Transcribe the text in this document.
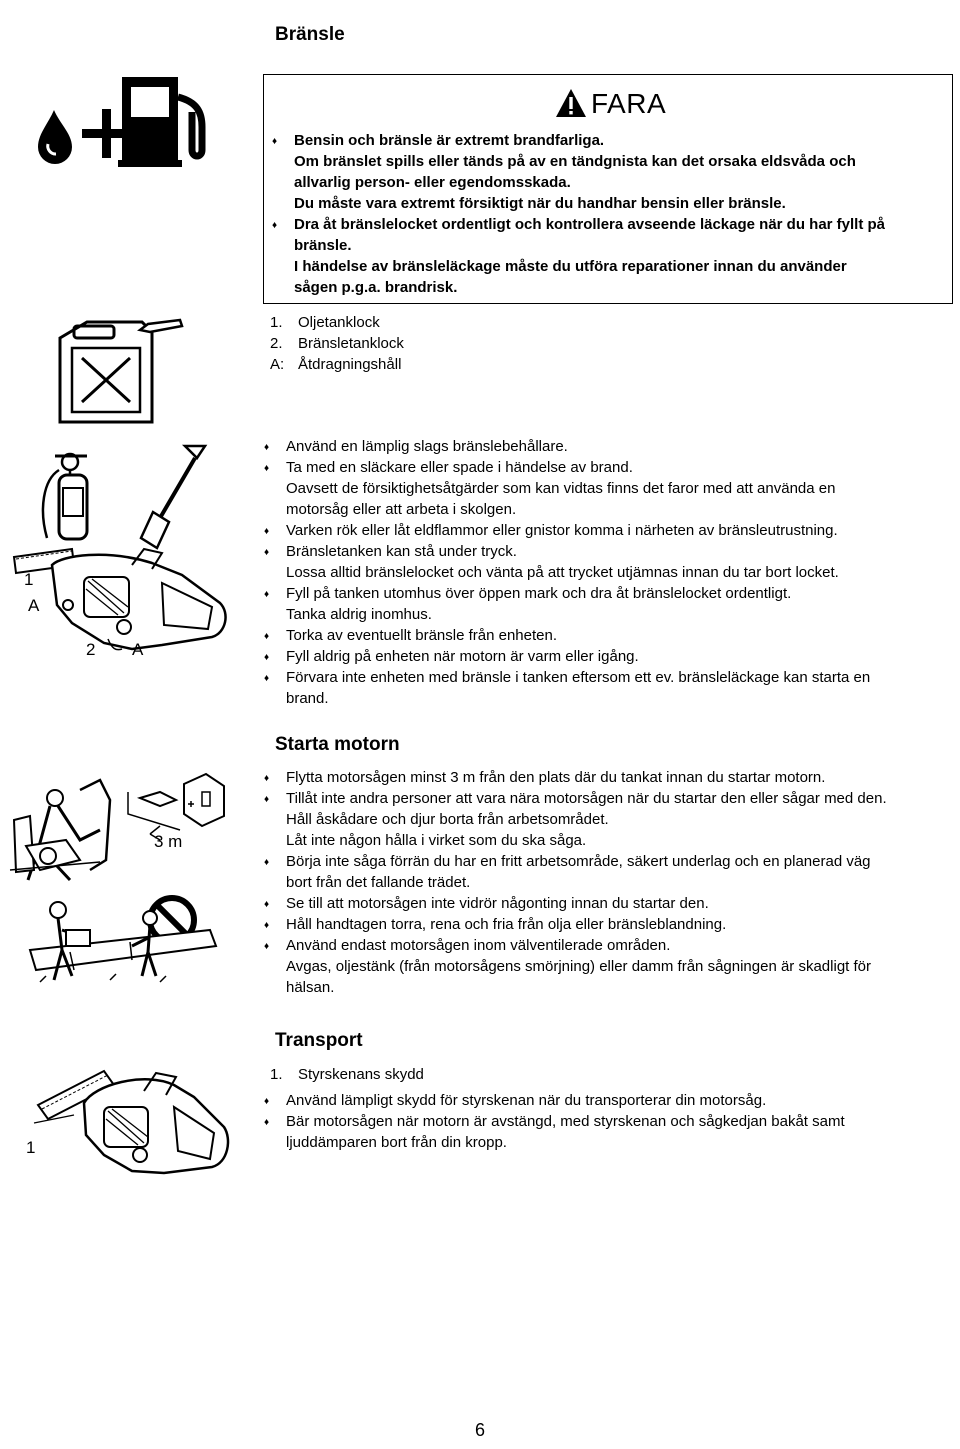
Bränsle
FARA
♦ Bensin och bränsle är extremt brandfarliga.
Om bränslet spills eller tänds på av en tändgnista kan det orsaka eldsvåda och
allvarlig person- eller egendomsskada.
Du måste vara extremt försiktigt när du handhar bensin eller bränsle.
♦ Dra åt bränslelocket ordentligt och kontrollera avseende läckage när du har fyllt på
bränsle.
I händelse av bränsleläckage måste du utföra reparationer innan du använder
sågen p.g.a. brandrisk.
1. Oljetanklock
2. Bränsletanklock
A: Åtdragningshåll
1
A
2 A
♦ Använd en lämplig slags bränslebehållare.
♦ Ta med en släckare eller spade i händelse av brand.
Oavsett de försiktighetsåtgärder som kan vidtas finns det faror med att använda en
motorsåg eller att arbeta i skolgen.
♦ Varken rök eller låt eldflammor eller gnistor komma i närheten av bränsleutrustning.
♦ Bränsletanken kan stå under tryck.
Lossa alltid bränslelocket och vänta på att trycket utjämnas innan du tar bort locket.
♦ Fyll på tanken utomhus över öppen mark och dra åt bränslelocket ordentligt.
Tanka aldrig inomhus.
♦ Torka av eventuellt bränsle från enheten.
♦ Fyll aldrig på enheten när motorn är varm eller igång.
♦ Förvara inte enheten med bränsle i tanken eftersom ett ev. bränsleläckage kan starta en
brand.
Starta motorn
3 m
♦ Flytta motorsågen minst 3 m från den plats där du tankat innan du startar motorn.
♦ Tillåt inte andra personer att vara nära motorsågen när du startar den eller sågar med den.
Håll åskådare och djur borta från arbetsområdet.
Låt inte någon hålla i virket som du ska såga.
♦ Börja inte såga förrän du har en fritt arbetsområde, säkert underlag och en planerad väg
bort från det fallande trädet.
♦ Se till att motorsågen inte vidrör någonting innan du startar den.
♦ Håll handtagen torra, rena och fria från olja eller bränsleblandning.
♦ Använd endast motorsågen inom välventilerade områden.
Avgas, oljestänk (från motorsågens smörjning) eller damm från sågningen är skadligt för
hälsan.
Transport
1
1. Styrskenans skydd
♦ Använd lämpligt skydd för styrskenan när du transporterar din motorsåg.
♦ Bär motorsågen när motorn är avstängd, med styrskenan och sågkedjan bakåt samt
ljuddämparen bort från din kropp.
6
